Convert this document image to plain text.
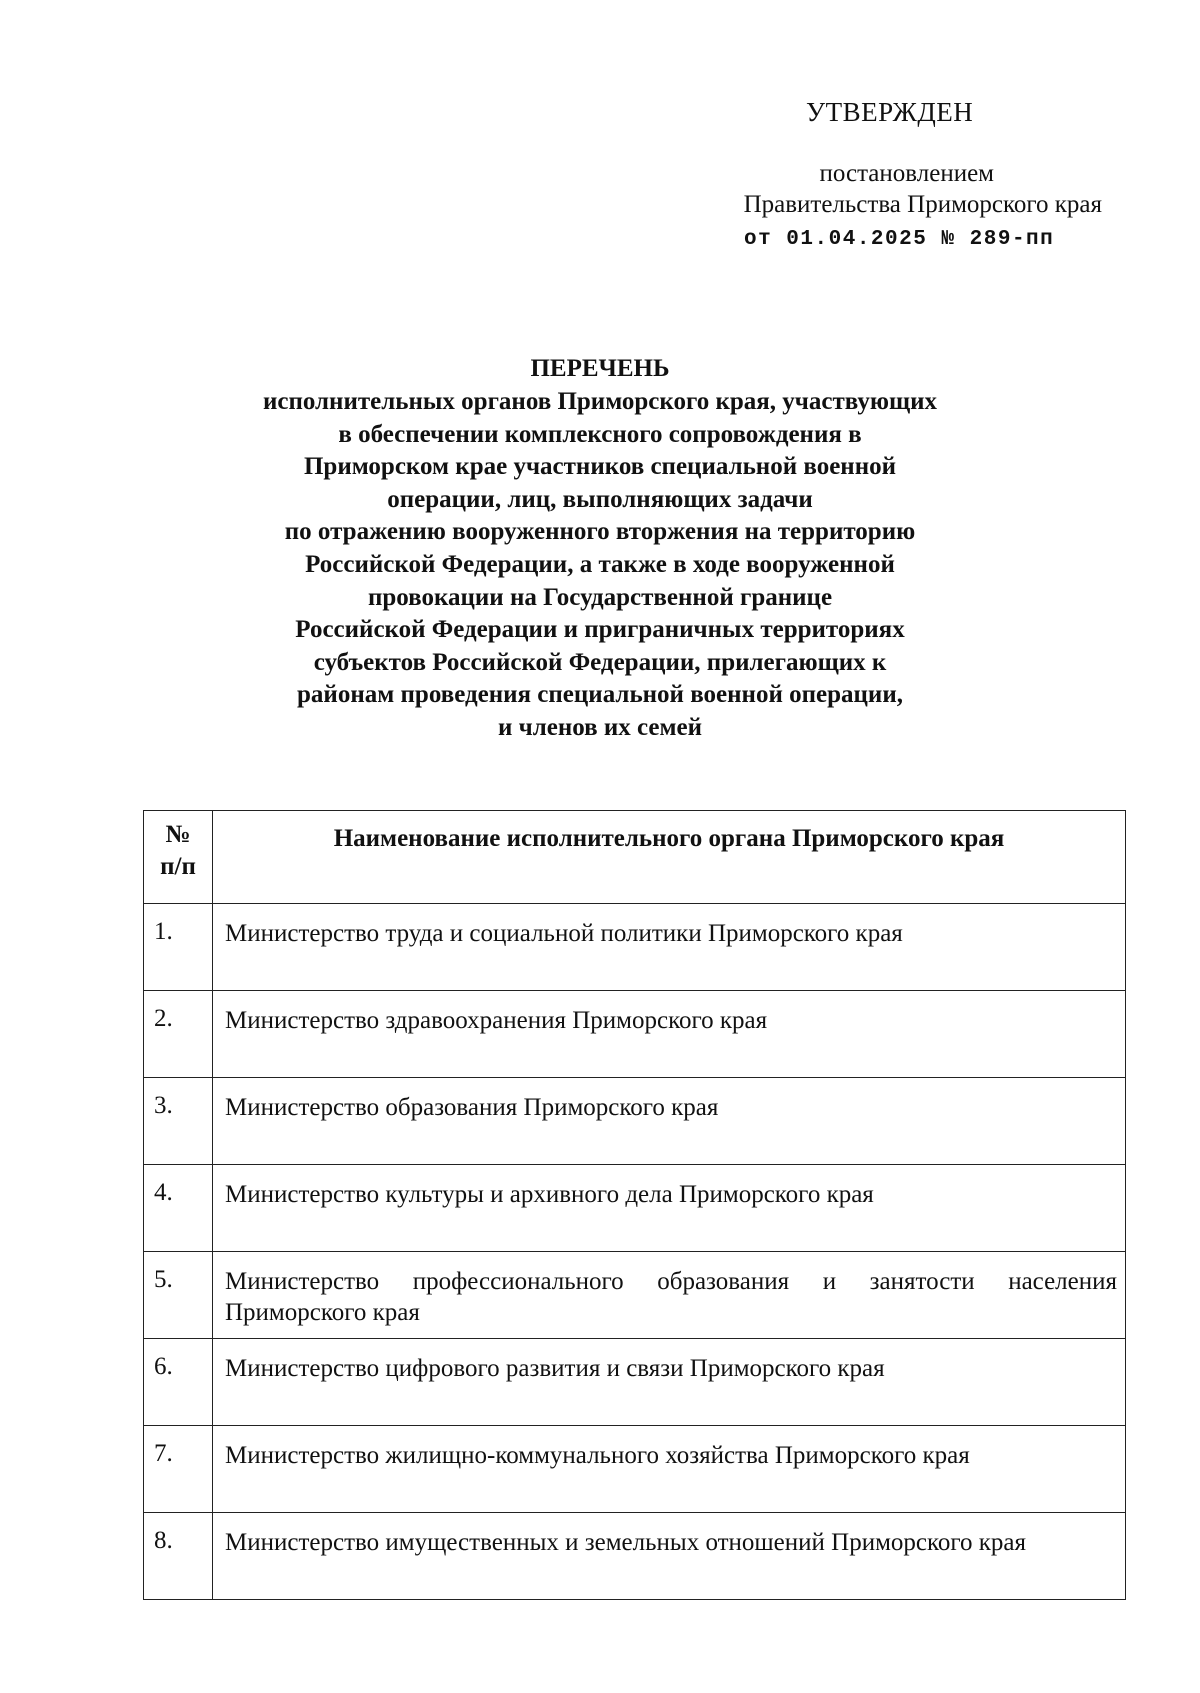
УТВЕРЖДЕН
постановлением
Правительства Приморского края
от 01.04.2025 № 289-пп
ПЕРЕЧЕНЬ
исполнительных органов Приморского края, участвующих
в обеспечении комплексного сопровождения в
Приморском крае участников специальной военной
операции, лиц, выполняющих задачи
по отражению вооруженного вторжения на территорию
Российской Федерации, а также в ходе вооруженной
провокации на Государственной границе
Российской Федерации и приграничных территориях
субъектов Российской Федерации, прилегающих к
районам проведения специальной военной операции,
и членов их семей
№
п/п	Наименование исполнительного органа Приморского края
1.	Министерство труда и социальной политики Приморского края
2.	Министерство здравоохранения Приморского края
3.	Министерство образования Приморского края
4.	Министерство культуры и архивного дела Приморского края
5.	Министерство профессионального образования и занятости населения Приморского края
6.	Министерство цифрового развития и связи Приморского края
7.	Министерство жилищно-коммунального хозяйства Приморского края
8.	Министерство имущественных и земельных отношений Приморского края
